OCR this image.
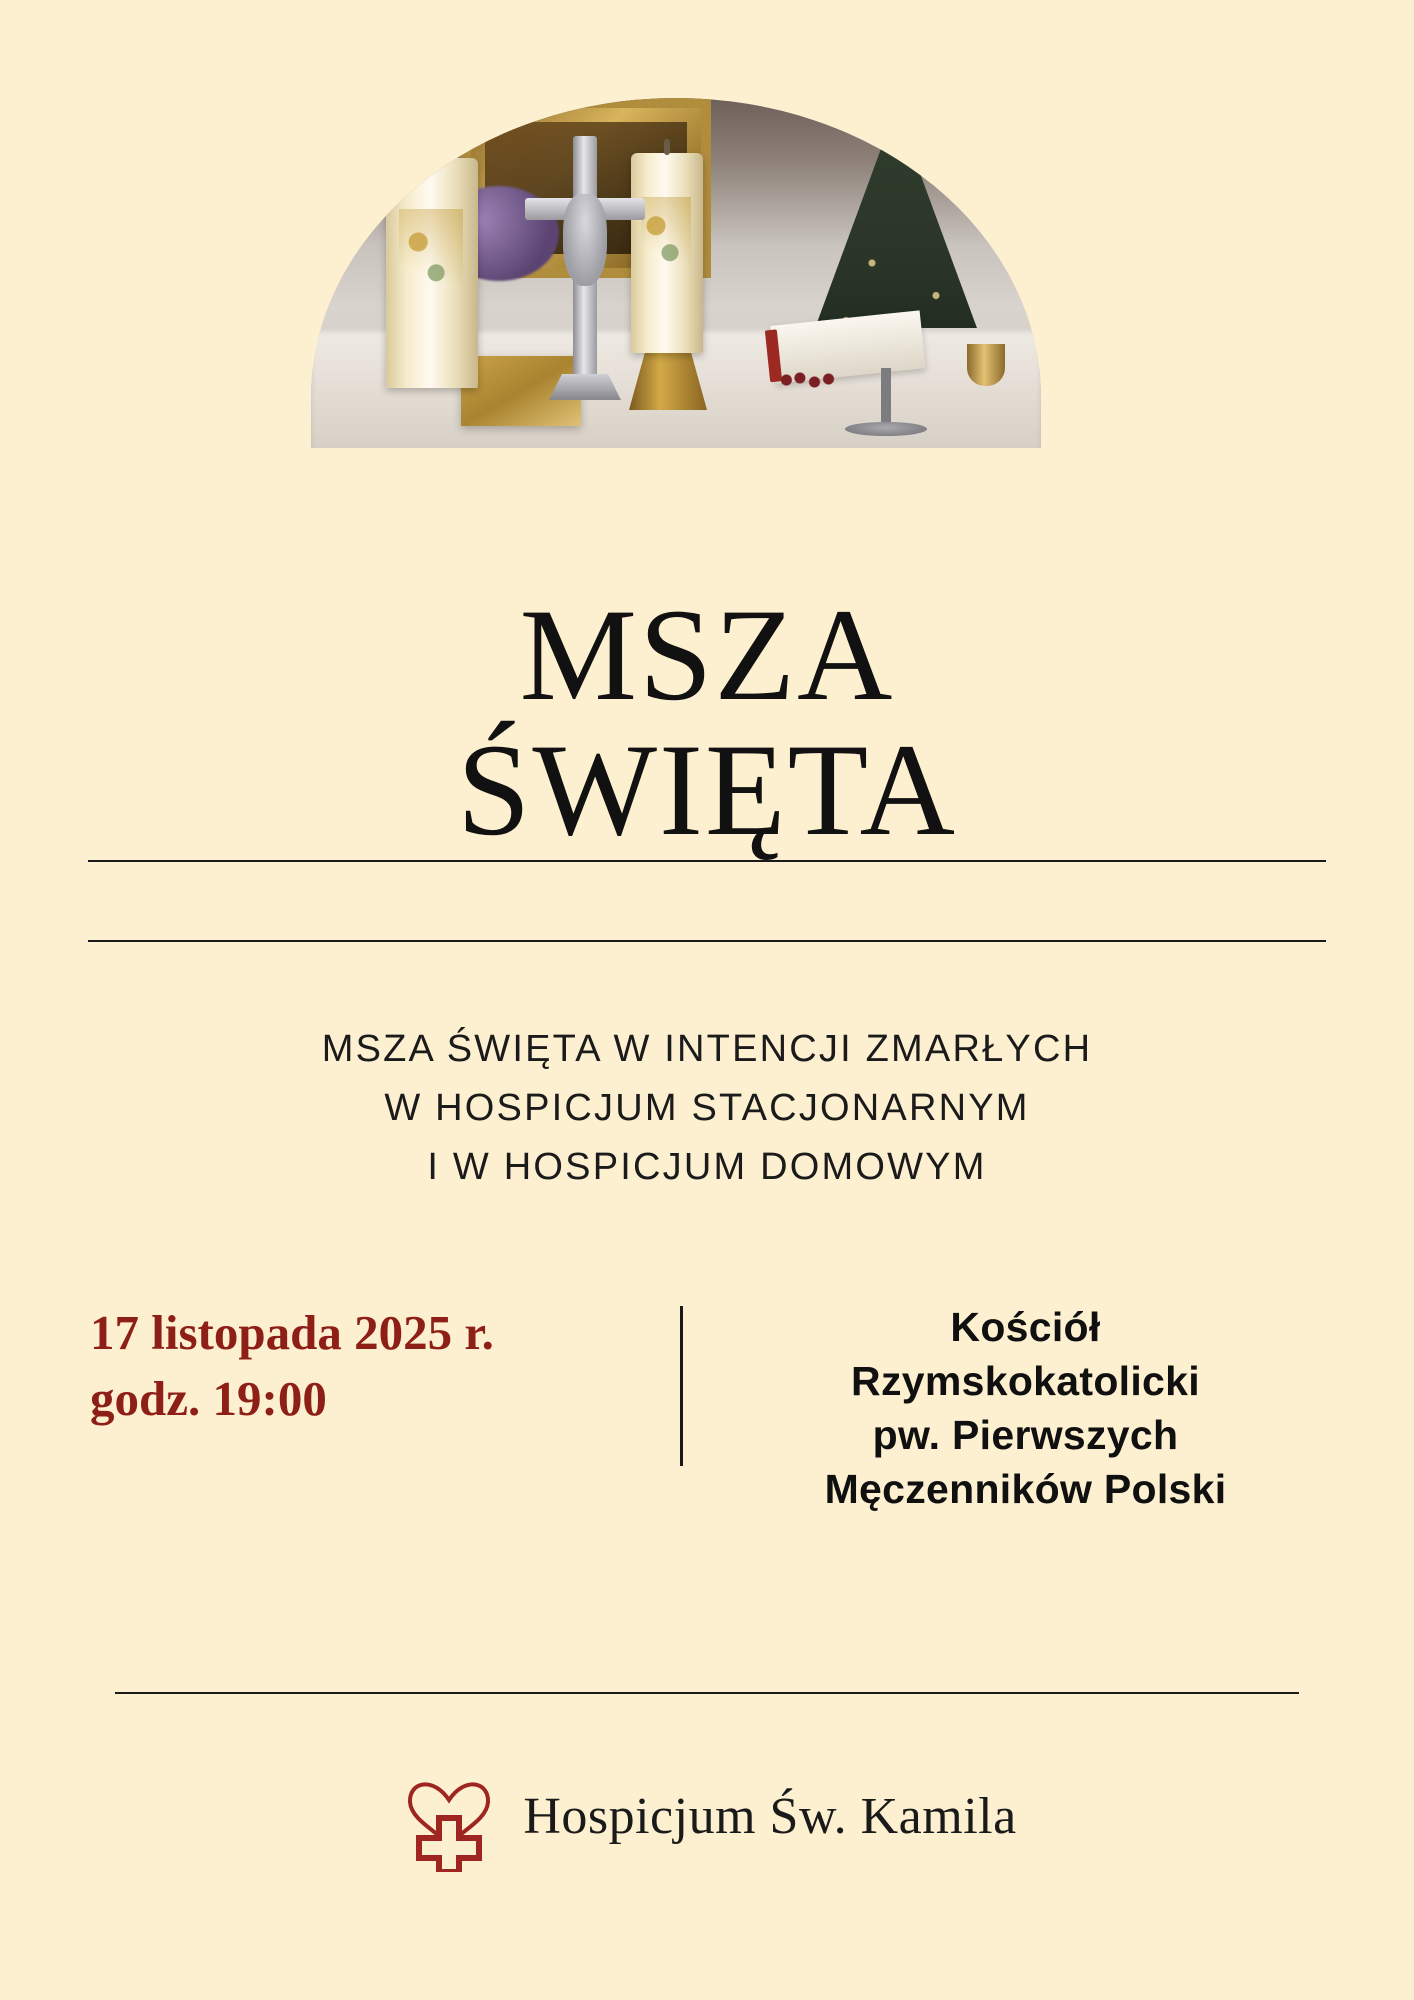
MSZA
ŚWIĘTA
MSZA ŚWIĘTA W INTENCJI ZMARŁYCH
W HOSPICJUM STACJONARNYM
I W HOSPICJUM DOMOWYM
17 listopada 2025 r.
godz. 19:00
Kościół
Rzymskokatolicki
pw. Pierwszych
Męczenników Polski
Hospicjum Św. Kamila
